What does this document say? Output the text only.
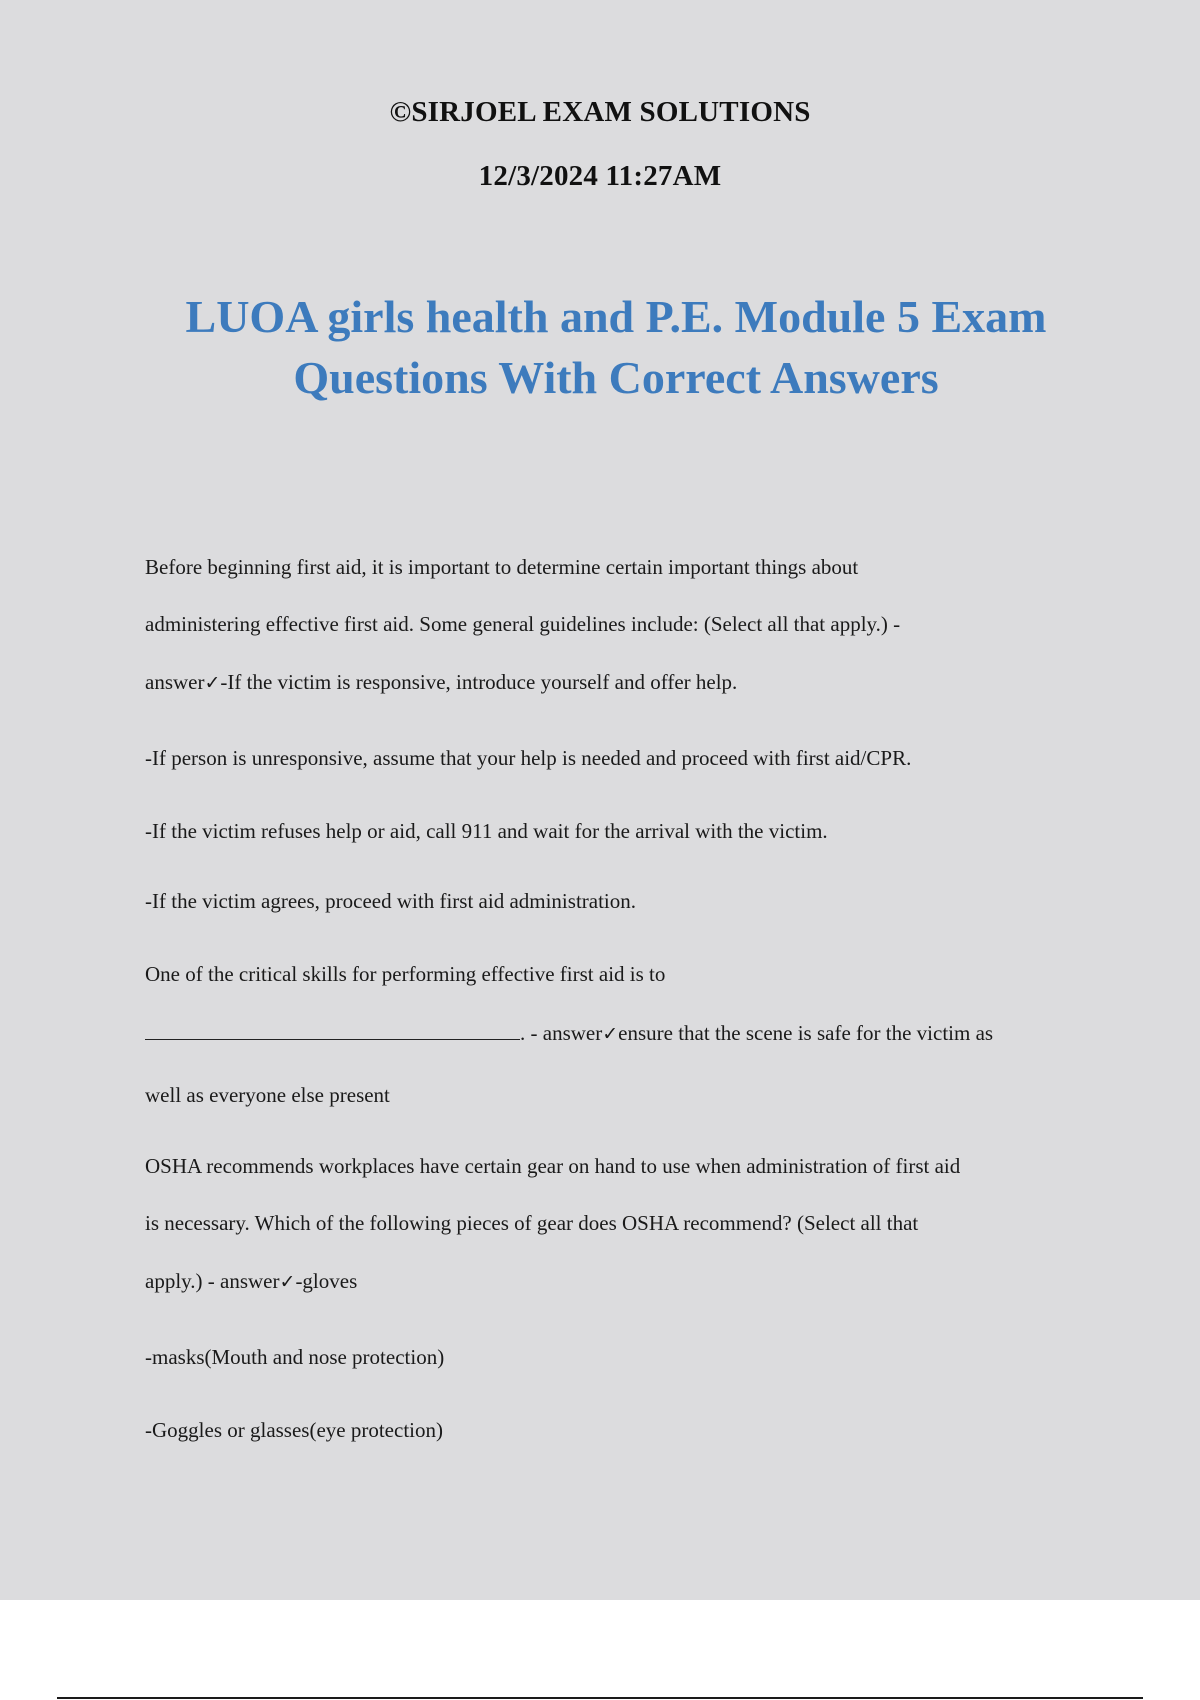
©SIRJOEL EXAM SOLUTIONS
12/3/2024 11:27AM
LUOA girls health and P.E. Module 5 Exam
Questions With Correct Answers
Before beginning first aid, it is important to determine certain important things about
administering effective first aid. Some general guidelines include: (Select all that apply.) -
answer✓-If the victim is responsive, introduce yourself and offer help.
-If person is unresponsive, assume that your help is needed and proceed with first aid/CPR.
-If the victim refuses help or aid, call 911 and wait for the arrival with the victim.
-If the victim agrees, proceed with first aid administration.
One of the critical skills for performing effective first aid is to
. - answer✓ensure that the scene is safe for the victim as
well as everyone else present
OSHA recommends workplaces have certain gear on hand to use when administration of first aid
is necessary. Which of the following pieces of gear does OSHA recommend? (Select all that
apply.) - answer✓-gloves
-masks(Mouth and nose protection)
-Goggles or glasses(eye protection)
